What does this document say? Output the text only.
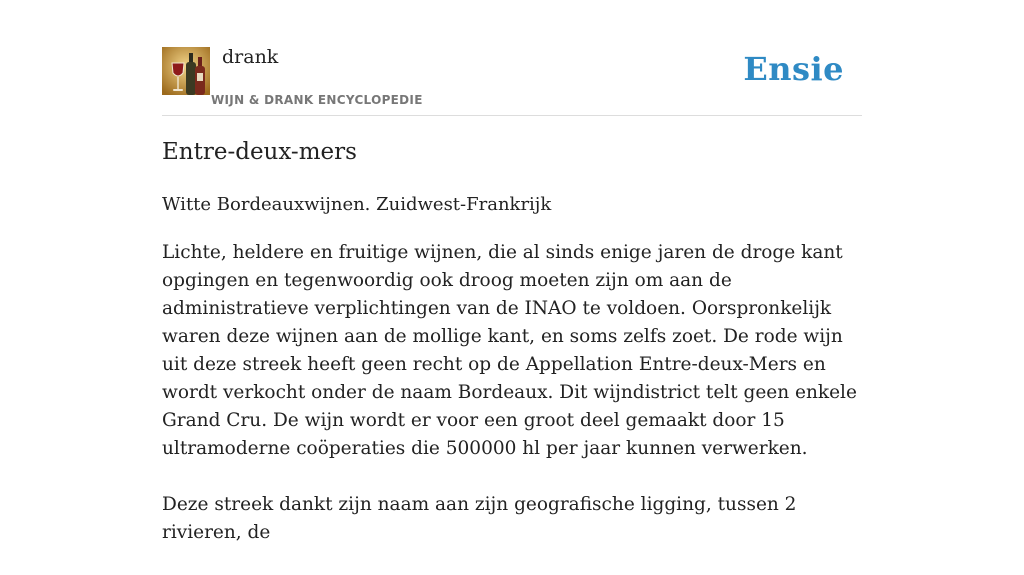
drank
WIJN & DRANK ENCYCLOPEDIE
Ensie
Entre-deux-mers
Witte Bordeauxwijnen. Zuidwest-Frankrijk

Lichte, heldere en fruitige wijnen, die al sinds enige jaren de droge kant opgingen en tegenwoordig ook droog moeten zijn om aan de administratieve verplichtingen van de INAO te voldoen. Oorspronkelijk waren deze wijnen aan de mollige kant, en soms zelfs zoet. De rode wijn uit deze streek heeft geen recht op de Appellation Entre-deux-Mers en wordt verkocht onder de naam Bordeaux. Dit wijndistrict telt geen enkele Grand Cru. De wijn wordt er voor een groot deel gemaakt door 15 ultramoderne coöperaties die 500000 hl per jaar kunnen verwerken.

Deze streek dankt zijn naam aan zijn geografische ligging, tussen 2 rivieren, de
